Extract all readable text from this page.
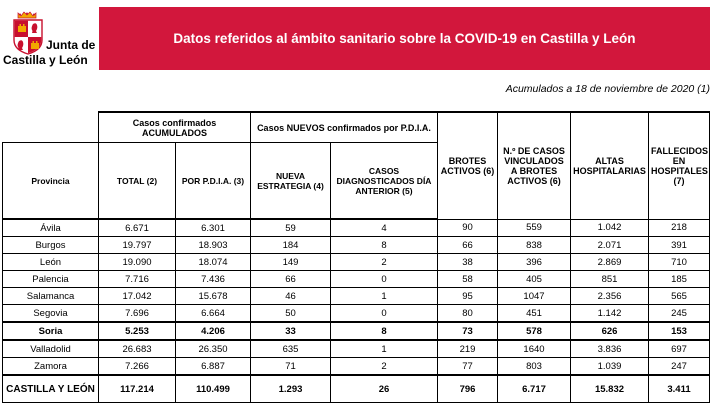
Junta de
Castilla y León
Datos referidos al ámbito sanitario sobre la COVID-19 en Castilla y León
Acumulados a 18 de noviembre de 2020 (1)
	Casos confirmados ACUMULADOS		Casos NUEVOS confirmados por P.D.I.A.		BROTES ACTIVOS (6)	N.º DE CASOS VINCULADOS A BROTES ACTIVOS (6)	ALTAS HOSPITALARIAS	FALLECIDOS EN HOSPITALES (7)
Provincia	TOTAL (2)	POR P.D.I.A. (3)	NUEVA ESTRATEGIA (4)	CASOS DIAGNOSTICADOS DÍA ANTERIOR (5)				
Ávila	6.671	6.301	59	4	90	559	1.042	218
Burgos	19.797	18.903	184	8	66	838	2.071	391
León	19.090	18.074	149	2	38	396	2.869	710
Palencia	7.716	7.436	66	0	58	405	851	185
Salamanca	17.042	15.678	46	1	95	1047	2.356	565
Segovia	7.696	6.664	50	0	80	451	1.142	245
Soria	5.253	4.206	33	8	73	578	626	153
Valladolid	26.683	26.350	635	1	219	1640	3.836	697
Zamora	7.266	6.887	71	2	77	803	1.039	247
CASTILLA Y LEÓN	117.214	110.499	1.293	26	796	6.717	15.832	3.411
